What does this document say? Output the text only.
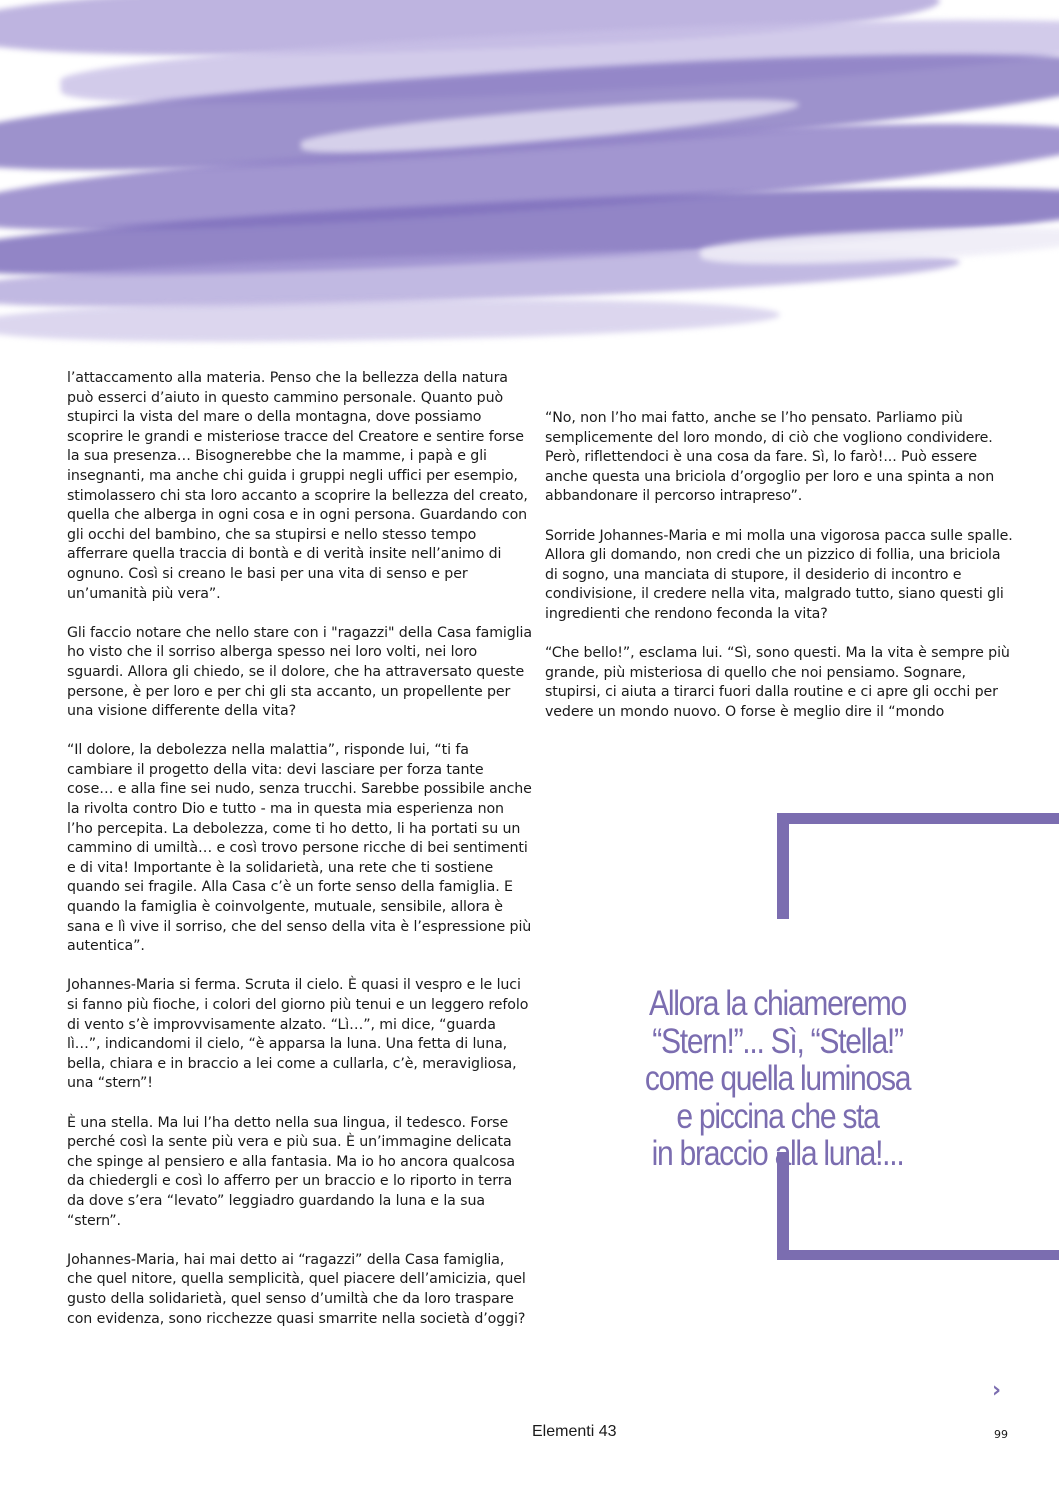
l’attaccamento alla materia. Penso che la bellezza della natura può esserci d’aiuto in questo cammino personale. Quanto può stupirci la vista del mare o della montagna, dove possiamo scoprire le grandi e misteriose tracce del Creatore e sentire forse la sua presenza… Bisognerebbe che la mamme, i papà e gli insegnanti, ma anche chi guida i gruppi negli uffici per esempio, stimolassero chi sta loro accanto a scoprire la bellezza del creato, quella che alberga in ogni cosa e in ogni persona. Guardando con gli occhi del bambino, che sa stupirsi e nello stesso tempo afferrare quella traccia di bontà e di verità insite nell’animo di ognuno. Così si creano le basi per una vita di senso e per un’umanità più vera”.

Gli faccio notare che nello stare con i "ragazzi" della Casa famiglia ho visto che il sorriso alberga spesso nei loro volti, nei loro sguardi. Allora gli chiedo, se il dolore, che ha attraversato queste persone, è per loro e per chi gli sta accanto, un propellente per una visione differente della vita?

“Il dolore, la debolezza nella malattia”, risponde lui, “ti fa cambiare il progetto della vita: devi lasciare per forza tante cose… e alla fine sei nudo, senza trucchi. Sarebbe possibile anche la rivolta contro Dio e tutto - ma in questa mia esperienza non l’ho percepita. La debolezza, come ti ho detto, li ha portati su un cammino di umiltà… e così trovo persone ricche di bei sentimenti e di vita! Importante è la solidarietà, una rete che ti sostiene quando sei fragile. Alla Casa c’è un forte senso della famiglia. E quando la famiglia è coinvolgente, mutuale, sensibile, allora è sana e lì vive il sorriso, che del senso della vita è l’espressione più autentica”.

Johannes-Maria si ferma. Scruta il cielo. È quasi il vespro e le luci si fanno più fioche, i colori del giorno più tenui e un leggero refolo di vento s’è improvvisamente alzato. “Lì…”, mi dice, “guarda lì…”, indicandomi il cielo, “è apparsa la luna. Una fetta di luna, bella, chiara e in braccio a lei come a cullarla, c’è, meravigliosa, una “stern”!

È una stella. Ma lui l’ha detto nella sua lingua, il tedesco. Forse perché così la sente più vera e più sua. È un’immagine delicata che spinge al pensiero e alla fantasia. Ma io ho ancora qualcosa da chiedergli e così lo afferro per un braccio e lo riporto in terra da dove s’era “levato” leggiadro guardando la luna e la sua “stern”.

Johannes-Maria, hai mai detto ai “ragazzi” della Casa famiglia, che quel nitore, quella semplicità, quel piacere dell’amicizia, quel gusto della solidarietà, quel senso d’umiltà che da loro traspare con evidenza, sono ricchezze quasi smarrite nella società d’oggi?

“No, non l’ho mai fatto, anche se l’ho pensato. Parliamo più semplicemente del loro mondo, di ciò che vogliono condividere. Però, riflettendoci è una cosa da fare. Sì, lo farò!... Può essere anche questa una briciola d’orgoglio per loro e una spinta a non abbandonare il percorso intrapreso”.

Sorride Johannes-Maria e mi molla una vigorosa pacca sulle spalle. Allora gli domando, non credi che un pizzico di follia, una briciola di sogno, una manciata di stupore, il desiderio di incontro e condivisione, il credere nella vita, malgrado tutto, siano questi gli ingredienti che rendono feconda la vita?

“Che bello!”, esclama lui. “Sì, sono questi. Ma la vita è sempre più grande, più misteriosa di quello che noi pensiamo. Sognare, stupirsi, ci aiuta a tirarci fuori dalla routine e ci apre gli occhi per vedere un mondo nuovo. O forse è meglio dire il “mondo

Allora la chiameremo
“Stern!”... Sì, “Stella!”
come quella luminosa
e piccina che sta
in braccio alla luna!...
›
Elementi 43	99
